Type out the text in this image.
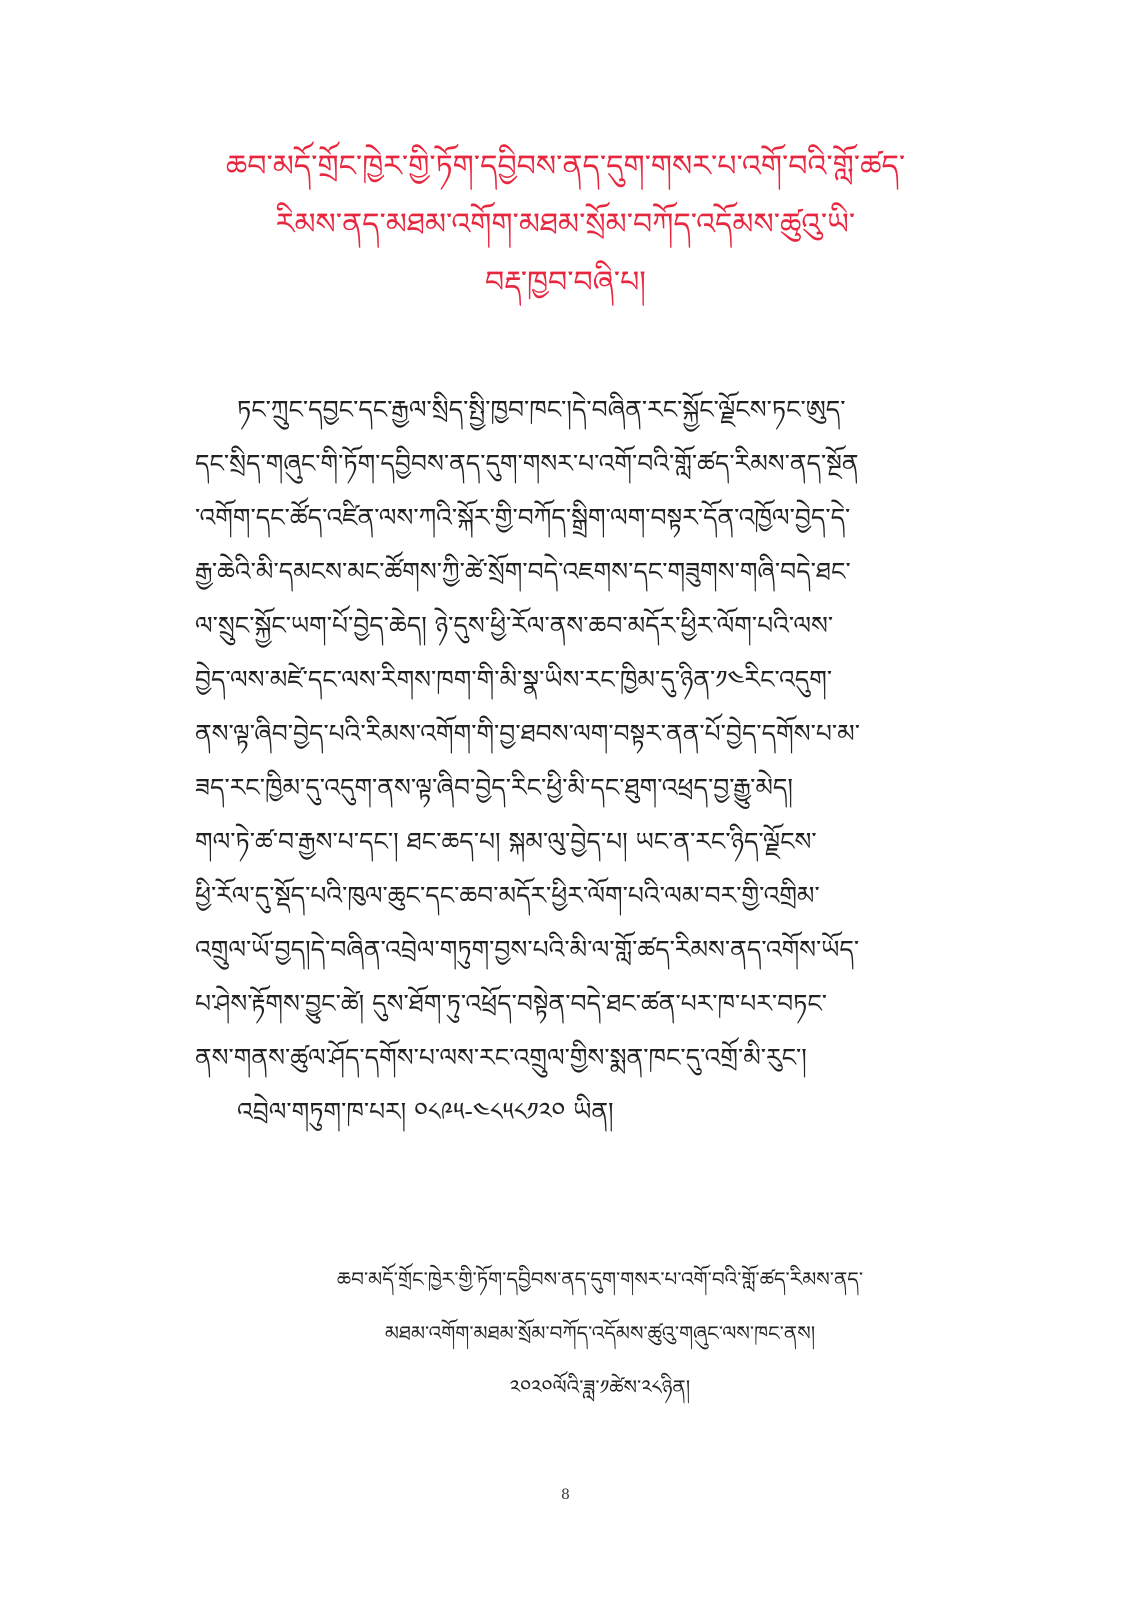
ཆབ་མདོ་གྲོང་ཁྱེར་གྱི་ཏོག་དབྱིབས་ནད་དུག་གསར་པ་འགོ་བའི་གློ་ཚད་
རིམས་ནད་མཐམ་འགོག་མཐམ་སྲོམ་བཀོད་འདོམས་ཚུའུ་ཡི་
བརྡ་ཁྱབ་བཞི་པ།
ཏང་ཀྲུང་དབྱང་དང་རྒྱལ་སྲིད་སྤྱི་ཁྱབ་ཁང་།དེ་བཞིན་རང་སྐྱོང་ལྗོངས་ཏང་ཨུད་
དང་སྲིད་གཞུང་གི་ཏོག་དབྱིབས་ནད་དུག་གསར་པ་འགོ་བའི་གློ་ཚད་རིམས་ནད་སྔོན
་འགོག་དང་ཚོད་འཛིན་ལས་ཀའི་སྐོར་གྱི་བཀོད་སྒྲིག་ལག་བསྟར་དོན་འཁྱོལ་བྱེད་དེ་
རྒྱ་ཆེའི་མི་དམངས་མང་ཚོགས་ཀྱི་ཚེ་སྲོག་བདེ་འཇགས་དང་གཟུགས་གཞི་བདེ་ཐང་
ལ་སྲུང་སྐྱོང་ཡག་པོ་བྱེད་ཆེད། ཉེ་དུས་ཕྱི་རོལ་ནས་ཆབ་མདོར་ཕྱིར་ལོག་པའི་ལས་
བྱེད་ལས་མཛེ་དང་ལས་རིགས་ཁག་གི་མི་སྣ་ཡིས་རང་ཁྱིམ་དུ་ཉིན་༡༤རིང་འདུག་
ནས་ལྟ་ཞིབ་བྱེད་པའི་རིམས་འགོག་གི་བྱ་ཐབས་ལག་བསྟར་ནན་པོ་བྱེད་དགོས་པ་མ་
ཟད་རང་ཁྱིམ་དུ་འདུག་ནས་ལྟ་ཞིབ་བྱེད་རིང་ཕྱི་མི་དང་ཐུག་འཕྲད་བྱ་རྒྱུ་མེད།
གལ་ཏེ་ཚ་བ་རྒྱས་པ་དང་། ཐང་ཆད་པ། སྐམ་ལུ་བྱེད་པ། ཡང་ན་རང་ཉིད་ལྗོངས་
ཕྱི་རོལ་དུ་སྡོད་པའི་ཁུལ་ཆུང་དང་ཆབ་མདོར་ཕྱིར་ལོག་པའི་ལམ་བར་གྱི་འགྲིམ་
འགྲུལ་ཡོ་བྱད།དེ་བཞིན་འབྲེལ་གཏུག་བྱས་པའི་མི་ལ་གློ་ཚད་རིམས་ནད་འགོས་ཡོད་
པ་ཤེས་རྟོགས་བྱུང་ཚེ། དུས་ཐོག་ཏུ་འཕྲོད་བསྟེན་བདེ་ཐང་ཚན་པར་ཁ་པར་བཏང་
ནས་གནས་ཚུལ་ཤོད་དགོས་པ་ལས་རང་འགྲུལ་གྱིས་སྨན་ཁང་དུ་འགྲོ་མི་རུང་།
འབྲེལ་གཏུག་ཁ་པར། ༠༨༩༥-༤༨༥༨༡༢༠ ཡིན།
ཆབ་མདོ་གྲོང་ཁྱེར་གྱི་ཏོག་དབྱིབས་ནད་དུག་གསར་པ་འགོ་བའི་གློ་ཚད་རིམས་ནད་
མཐམ་འགོག་མཐམ་སྲོམ་བཀོད་འདོམས་ཚུའུ་གཞུང་ལས་ཁང་ནས།
༢༠༢༠ལོའི་ཟླ་༡ཚེས་༢༨ཉིན།
8
